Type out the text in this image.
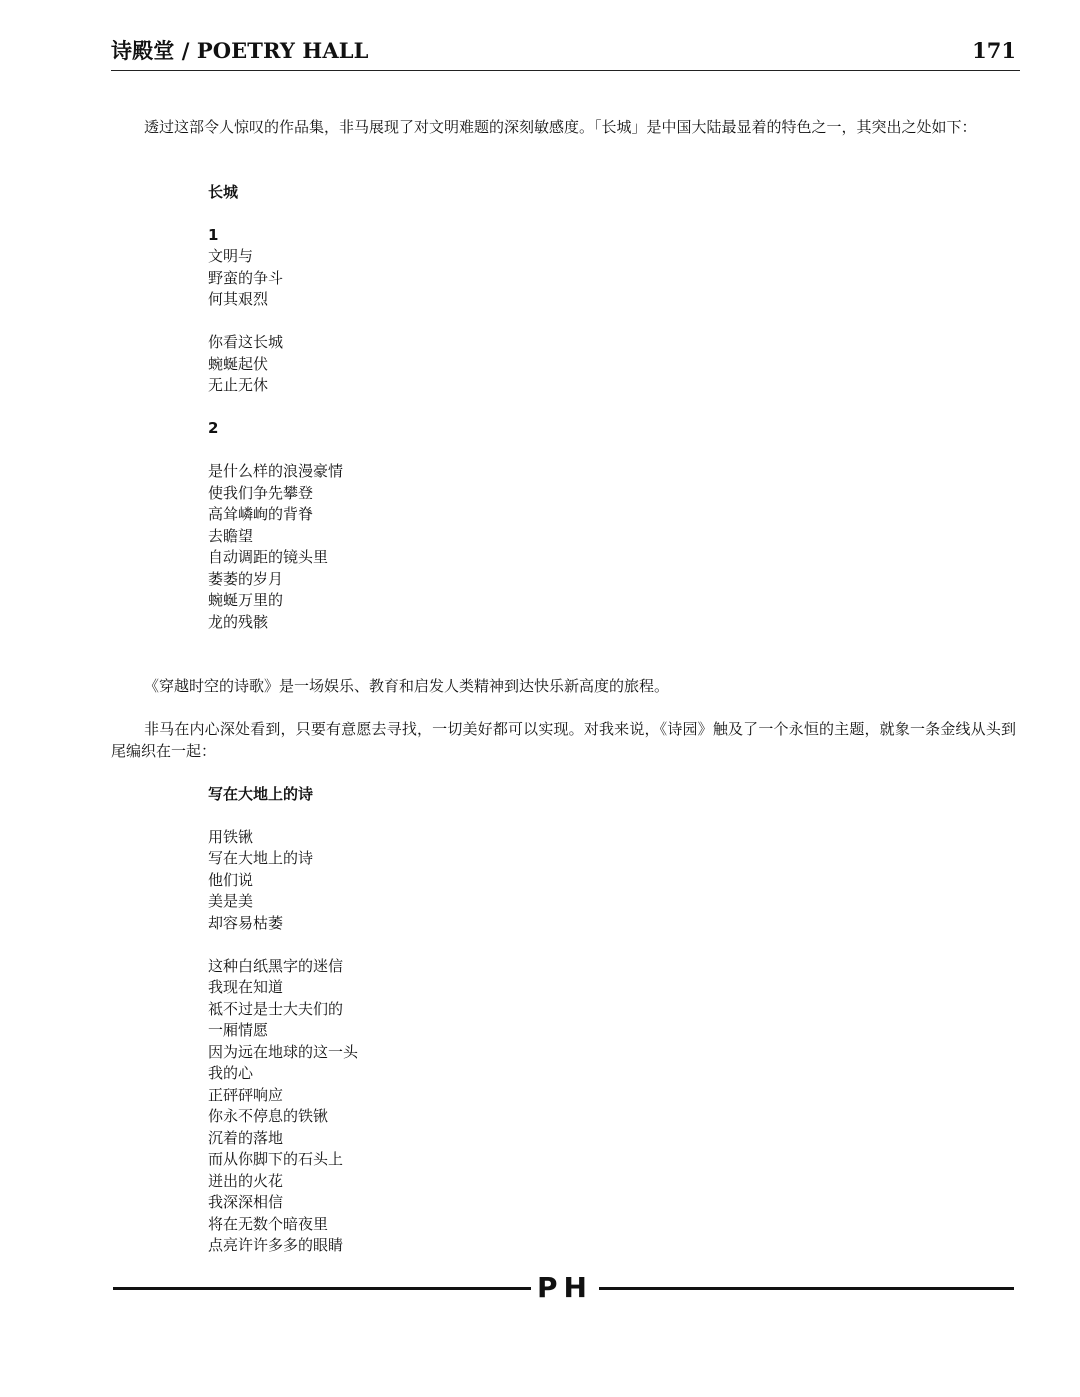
诗殿堂 / POETRY HALL	171

透过这部令人惊叹的作品集，非马展现了对文明难题的深刻敏感度。「长城」是中国大陆最显着的特色之一，其突出之处如下：

长城
1
文明与
野蛮的争斗
何其艰烈
你看这长城
蜿蜒起伏
无止无休
2
是什么样的浪漫豪情
使我们争先攀登
高耸嶙峋的背脊
去瞻望
自动调距的镜头里
萎萎的岁月
蜿蜒万里的
龙的残骸

《穿越时空的诗歌》是一场娱乐、教育和启发人类精神到达快乐新高度的旅程。

非马在内心深处看到，只要有意愿去寻找，一切美好都可以实现。对我来说，《诗园》触及了一个永恒的主题，就象一条金线从头到尾编织在一起：

写在大地上的诗
用铁锹
写在大地上的诗
他们说
美是美
却容易枯萎
这种白纸黑字的迷信
我现在知道
祗不过是士大夫们的
一厢情愿
因为远在地球的这一头
我的心
正砰砰响应
你永不停息的铁锹
沉着的落地
而从你脚下的石头上
迸出的火花
我深深相信
将在无数个暗夜里
点亮许许多多的眼睛
PH
